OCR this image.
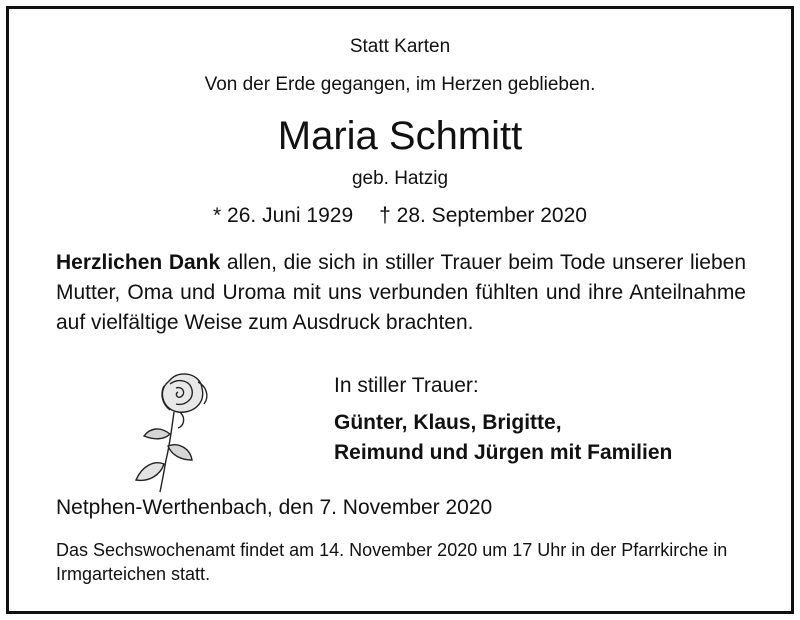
Statt Karten
Von der Erde gegangen, im Herzen geblieben.
Maria Schmitt
geb. Hatzig
* 26. Juni 1929 † 28. September 2020
Herzlichen Dank allen, die sich in stiller Trauer beim Tode unserer lieben Mutter, Oma und Uroma mit uns verbunden fühlten und ihre Anteilnahme auf vielfältige Weise zum Ausdruck brachten.
In stiller Trauer:
Günter, Klaus, Brigitte,
Reimund und Jürgen mit Familien
Netphen-Werthenbach, den 7. November 2020
Das Sechswochenamt findet am 14. November 2020 um 17 Uhr in der Pfarrkirche in Irmgarteichen statt.
